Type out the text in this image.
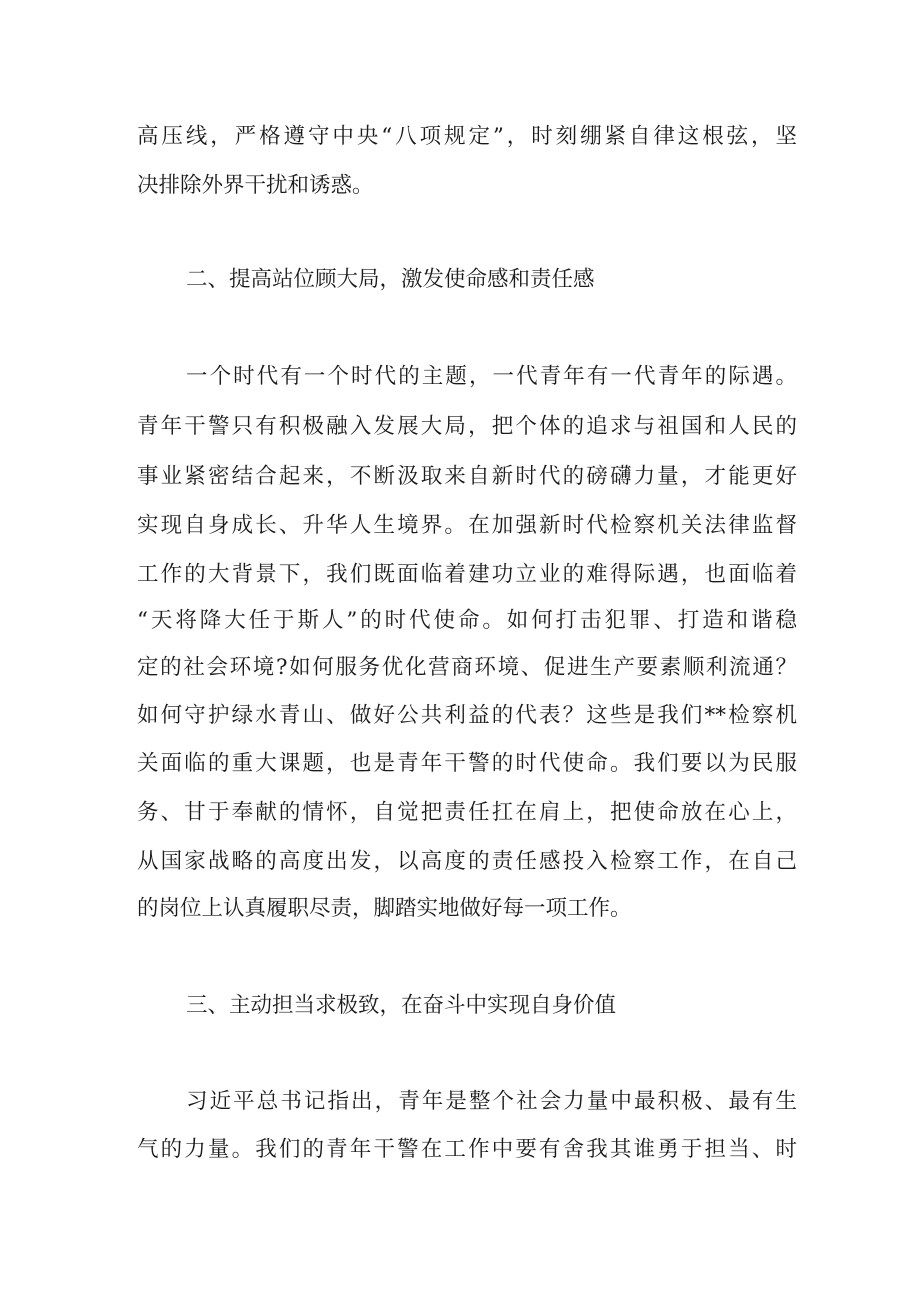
高压线，严格遵守中央“八项规定”，时刻绷紧自律这根弦，坚
决排除外界干扰和诱惑。
二、提高站位顾大局，激发使命感和责任感
一个时代有一个时代的主题，一代青年有一代青年的际遇。
青年干警只有积极融入发展大局，把个体的追求与祖国和人民的
事业紧密结合起来，不断汲取来自新时代的磅礴力量，才能更好
实现自身成长、升华人生境界。在加强新时代检察机关法律监督
工作的大背景下，我们既面临着建功立业的难得际遇，也面临着
“天将降大任于斯人”的时代使命。如何打击犯罪、打造和谐稳
定的社会环境?如何服务优化营商环境、促进生产要素顺利流通？
如何守护绿水青山、做好公共利益的代表？这些是我们**检察机
关面临的重大课题，也是青年干警的时代使命。我们要以为民服
务、甘于奉献的情怀，自觉把责任扛在肩上，把使命放在心上，
从国家战略的高度出发，以高度的责任感投入检察工作，在自己
的岗位上认真履职尽责，脚踏实地做好每一项工作。
三、主动担当求极致，在奋斗中实现自身价值
习近平总书记指出，青年是整个社会力量中最积极、最有生
气的力量。我们的青年干警在工作中要有舍我其谁勇于担当、时
